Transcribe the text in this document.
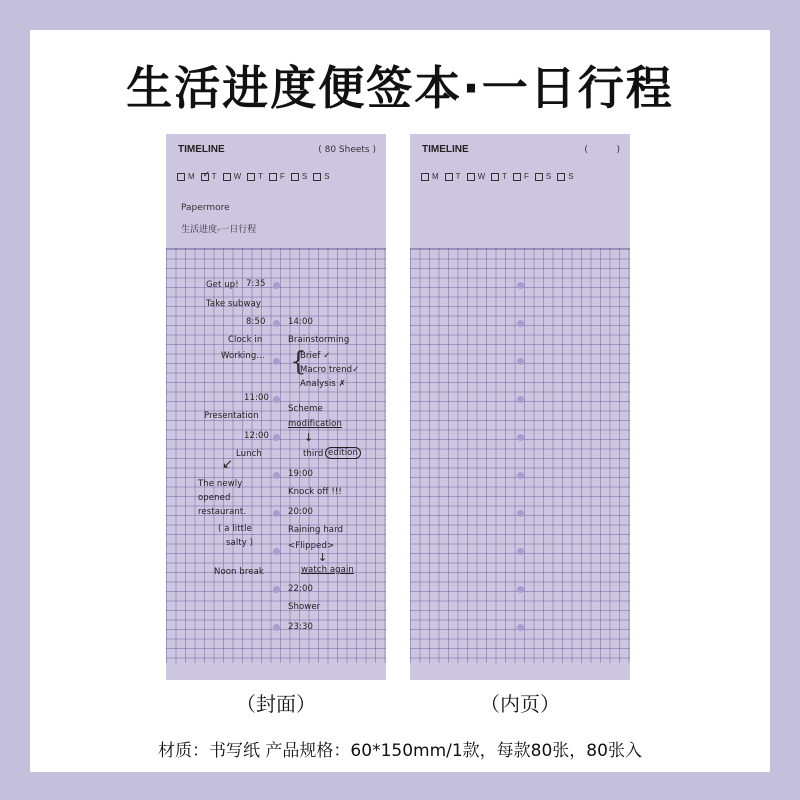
生活进度便签本·一日行程
TIMELINE	( 80 Sheets )
M ✓ T W T F S S
Papermore
生活进度-一日行程
Get up! 7:35
Take subway
8:50	14:00
Clock in	Brainstorming
Working... {
Brief ✓
Macro trend✓
Analysis ✗
11:00
Scheme
Presentation
modification
12:00	↓
Lunch	third edition
↙
19:00
The newly
Knock off !!!
opened
restaurant.	20:00
( a little	Raining hard
salty )	<Flipped>
↓
Noon break	watch again
22:00
Shower
23:30
TIMELINE	(          )
M T W T F S S
（封面）	（内页）
材质：书写纸 产品规格：60*150mm/1款，每款80张，80张入
